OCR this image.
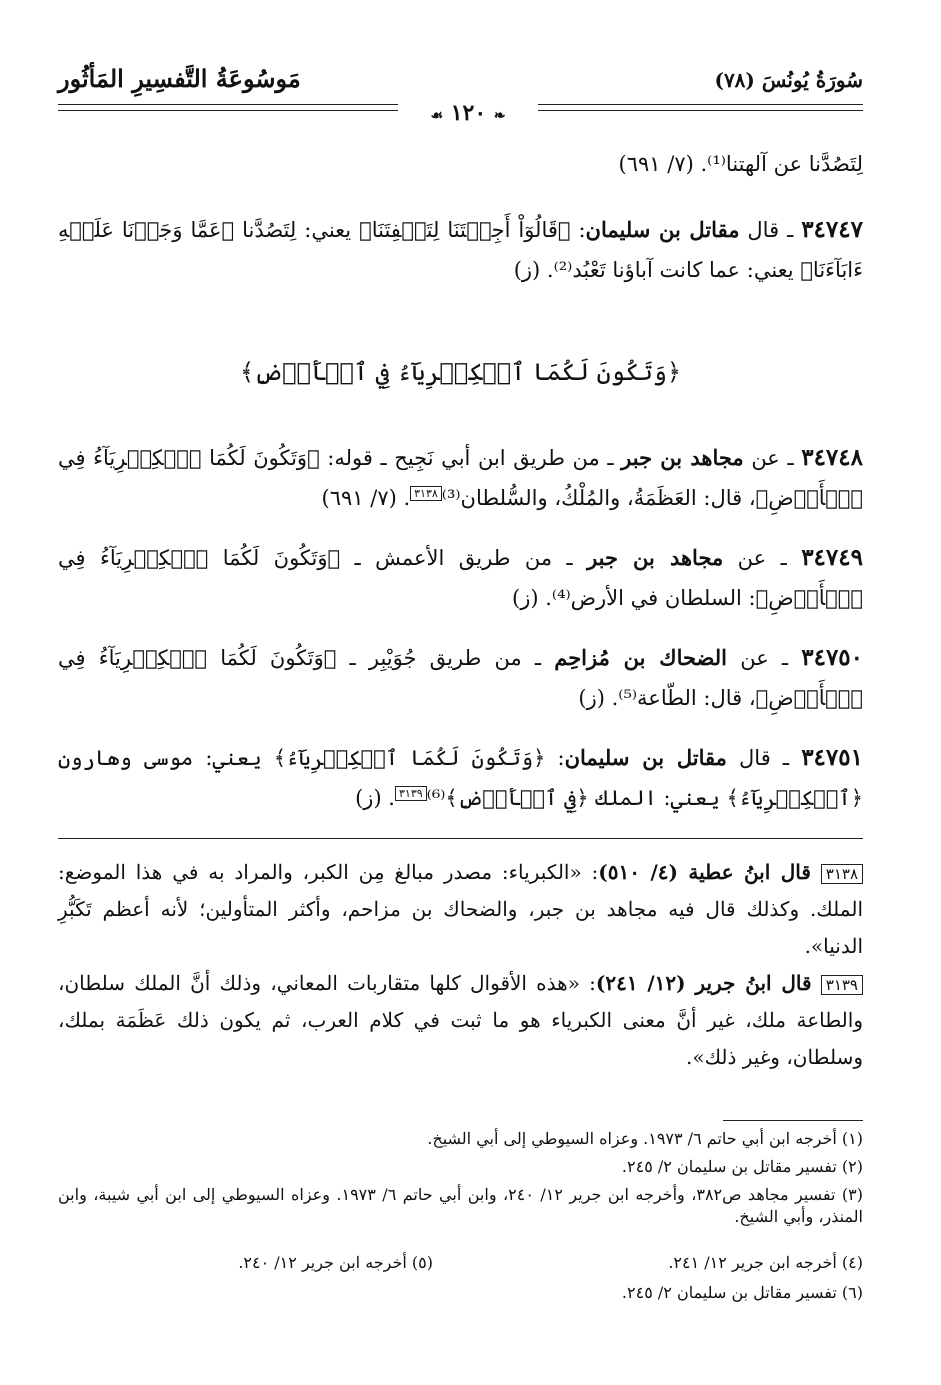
سُورَةُ يُونُسَ (٧٨)
مَوسُوعَةُ التَّفسِيرِ المَأثُور
❧ ١٢٠ ☙
لِتَصُدَّنا عن آلهتنا⁽¹⁾. (٧/ ٦٩١)
٣٤٧٤٧ ـ قال مقاتل بن سليمان: ﴿قَالُوٓاْ أَجِئۡتَنَا لِتَلۡفِتَنَا﴾ يعني: لِتَصُدَّنا ﴿عَمَّا وَجَدۡنَا عَلَيۡهِ ءَابَآءَنَا﴾ يعني: عما كانت آباؤنا تَعْبُد⁽²⁾. (ز)
﴿وَتَكُونَ لَكُمَا ٱلۡكِبۡرِيَآءُ فِي ٱلۡأَرۡضِ﴾
٣٤٧٤٨ ـ عن مجاهد بن جبر ـ من طريق ابن أبي نَجِيح ـ قوله: ﴿وَتَكُونَ لَكُمَا ٱلۡكِبۡرِيَآءُ فِي ٱلۡأَرۡضِ﴾، قال: العَظَمَةُ، والمُلْكُ، والسُّلطان⁽³⁾٣١٣٨. (٧/ ٦٩١)
٣٤٧٤٩ ـ عن مجاهد بن جبر ـ من طريق الأعمش ـ ﴿وَتَكُونَ لَكُمَا ٱلۡكِبۡرِيَآءُ فِي ٱلۡأَرۡضِ﴾: السلطان في الأرض⁽⁴⁾. (ز)
٣٤٧٥٠ ـ عن الضحاك بن مُزاحِم ـ من طريق جُوَيْبِر ـ ﴿وَتَكُونَ لَكُمَا ٱلۡكِبۡرِيَآءُ فِي ٱلۡأَرۡضِ﴾، قال: الطّاعة⁽⁵⁾. (ز)
٣٤٧٥١ ـ قال مقاتل بن سليمان: ﴿وَتَكُونَ لَكُمَا ٱلۡكِبۡرِيَآءُ﴾ يعني: موسى وهارون ﴿ٱلۡكِبۡرِيَآءُ﴾ يعني: الملك ﴿فِي ٱلۡأَرۡضِ﴾⁽⁶⁾٣١٣٩. (ز)
٣١٣٨ قال ابنُ عطية (٤/ ٥١٠): «الكبرياء: مصدر مبالغ مِن الكبر، والمراد به في هذا الموضع: الملك. وكذلك قال فيه مجاهد بن جبر، والضحاك بن مزاحم، وأكثر المتأولين؛ لأنه أعظم تَكَبُّرِ الدنيا».
٣١٣٩ قال ابنُ جرير (١٢/ ٢٤١): «هذه الأقوال كلها متقاربات المعاني، وذلك أنَّ الملك سلطان، والطاعة ملك، غير أنَّ معنى الكبرياء هو ما ثبت في كلام العرب، ثم يكون ذلك عَظَمَة بملك، وسلطان، وغير ذلك».
(١) أخرجه ابن أبي حاتم ٦/ ١٩٧٣. وعزاه السيوطي إلى أبي الشيخ.
(٢) تفسير مقاتل بن سليمان ٢/ ٢٤٥.
(٣) تفسير مجاهد ص٣٨٢، وأخرجه ابن جرير ١٢/ ٢٤٠، وابن أبي حاتم ٦/ ١٩٧٣. وعزاه السيوطي إلى ابن أبي شيبة، وابن المنذر، وأبي الشيخ.
(٤) أخرجه ابن جرير ١٢/ ٢٤١.
(٥) أخرجه ابن جرير ١٢/ ٢٤٠.
(٦) تفسير مقاتل بن سليمان ٢/ ٢٤٥.
